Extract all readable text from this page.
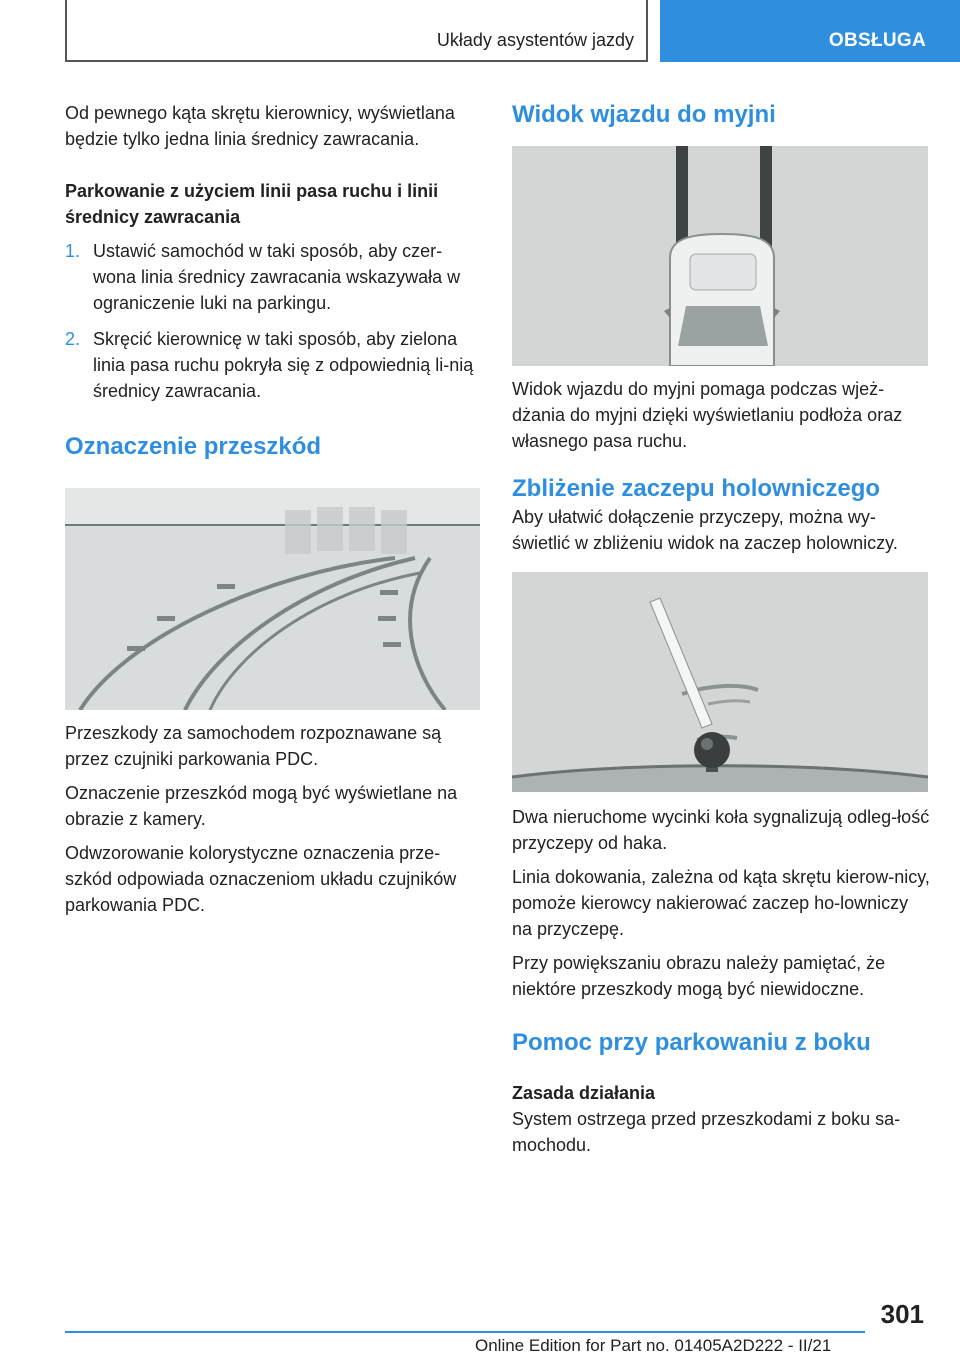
Układy asystentów jazdy	OBSŁUGA

Od pewnego kąta skrętu kierownicy, wyświetlana będzie tylko jedna linia średnicy zawracania.

Parkowanie z użyciem linii pasa ruchu i linii średnicy zawracania
1. Ustawić samochód w taki sposób, aby czer-wona linia średnicy zawracania wskazywała w ograniczenie luki na parkingu.
2. Skręcić kierownicę w taki sposób, aby zielona linia pasa ruchu pokryła się z odpowiednią li-nią średnicy zawracania.
Oznaczenie przeszkód

Przeszkody za samochodem rozpoznawane są przez czujniki parkowania PDC.

Oznaczenie przeszkód mogą być wyświetlane na obrazie z kamery.

Odwzorowanie kolorystyczne oznaczenia prze-szkód odpowiada oznaczeniom układu czujników parkowania PDC.

Widok wjazdu do myjni

Widok wjazdu do myjni pomaga podczas wjeż-dżania do myjni dzięki wyświetlaniu podłoża oraz własnego pasa ruchu.

Zbliżenie zaczepu holowniczego

Aby ułatwić dołączenie przyczepy, można wy-świetlić w zbliżeniu widok na zaczep holowniczy.

Dwa nieruchome wycinki koła sygnalizują odleg-łość przyczepy od haka.

Linia dokowania, zależna od kąta skrętu kierow-nicy, pomoże kierowcy nakierować zaczep ho-lowniczy na przyczepę.

Przy powiększaniu obrazu należy pamiętać, że niektóre przeszkody mogą być niewidoczne.

Pomoc przy parkowaniu z boku
Zasada działania

System ostrzega przed przeszkodami z boku sa-mochodu.

301
Online Edition for Part no. 01405A2D222 - II/21
